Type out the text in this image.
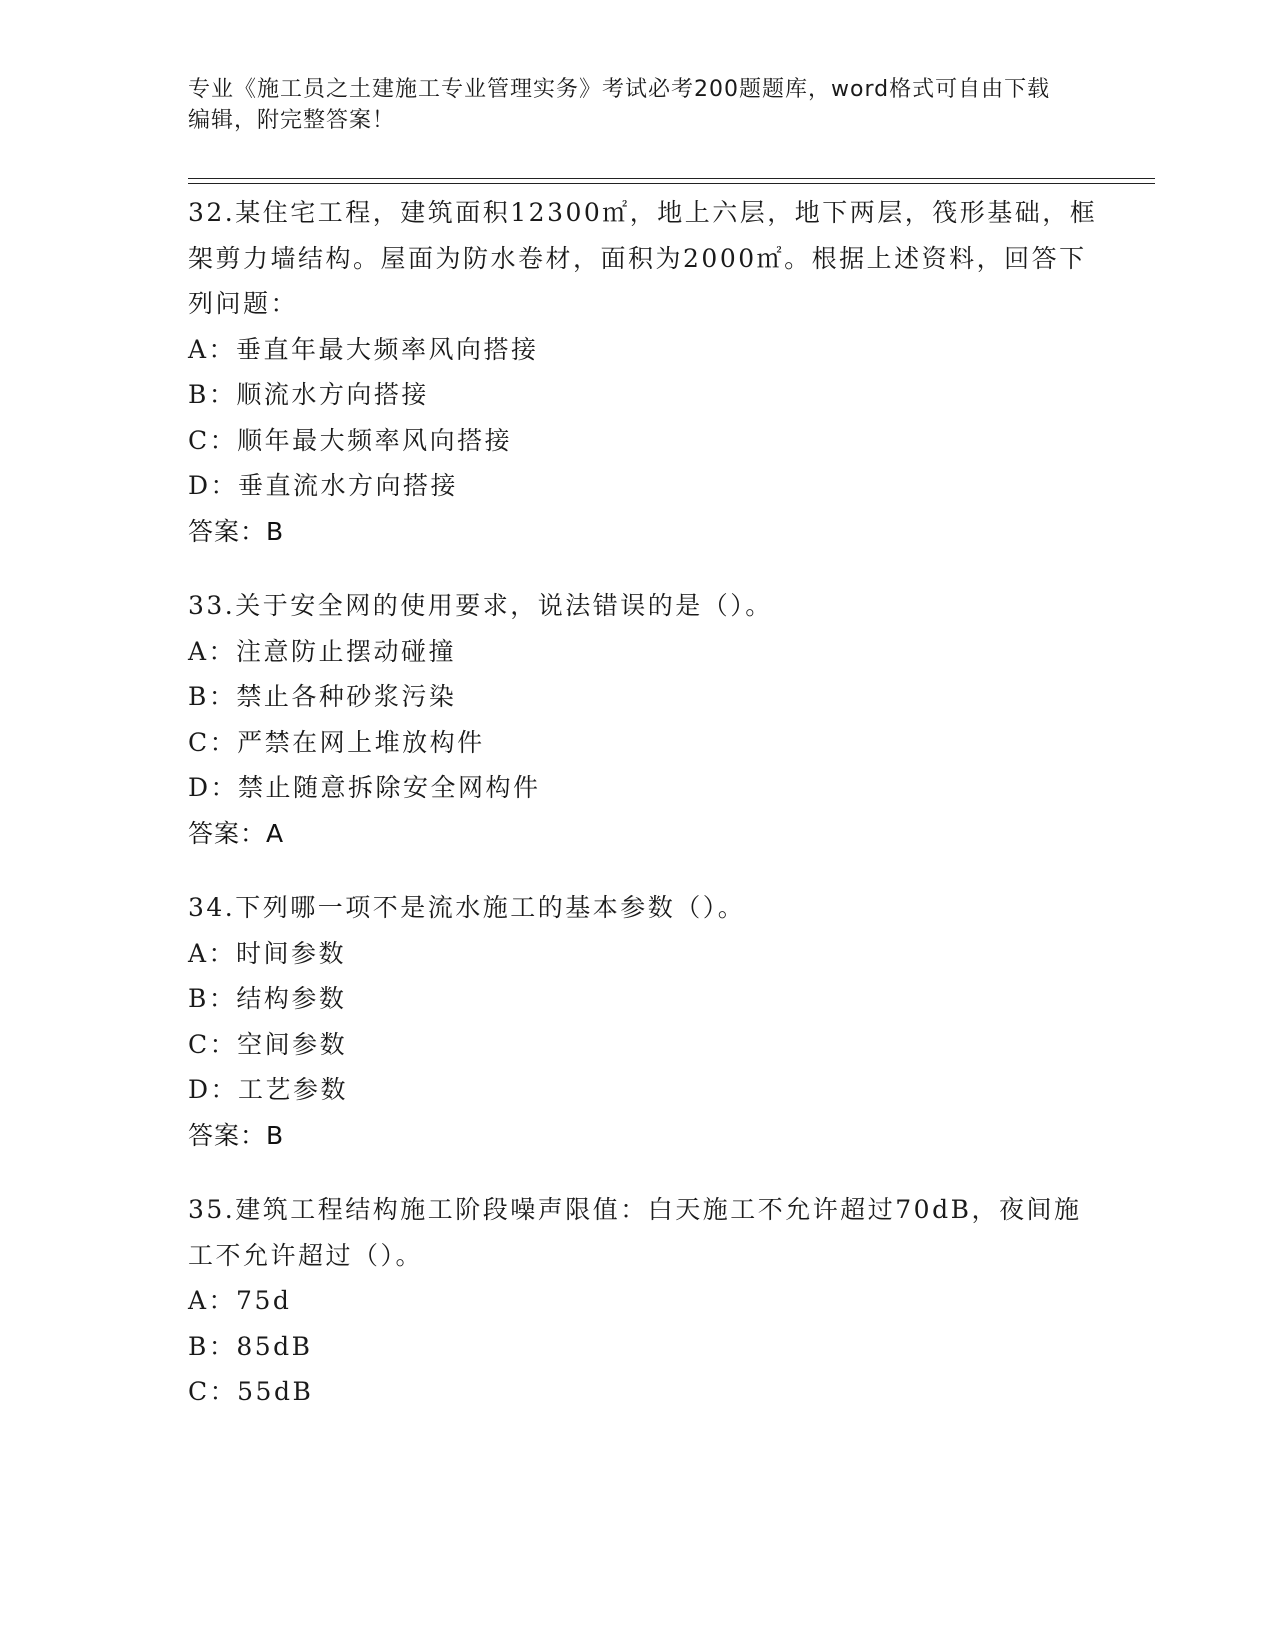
专业《施工员之土建施工专业管理实务》考试必考200题题库，word格式可自由下载编辑，附完整答案！
32.某住宅工程，建筑面积12300㎡，地上六层，地下两层，筏形基础，框架剪力墙结构。屋面为防水卷材，面积为2000㎡。根据上述资料，回答下列问题：
A：垂直年最大频率风向搭接
B：顺流水方向搭接
C：顺年最大频率风向搭接
D：垂直流水方向搭接
答案：B
33.关于安全网的使用要求，说法错误的是（）。
A：注意防止摆动碰撞
B：禁止各种砂浆污染
C：严禁在网上堆放构件
D：禁止随意拆除安全网构件
答案：A
34.下列哪一项不是流水施工的基本参数（）。
A：时间参数
B：结构参数
C：空间参数
D：工艺参数
答案：B
35.建筑工程结构施工阶段噪声限值：白天施工不允许超过70dB，夜间施工不允许超过（）。
A：75d
B：85dB
C：55dB
